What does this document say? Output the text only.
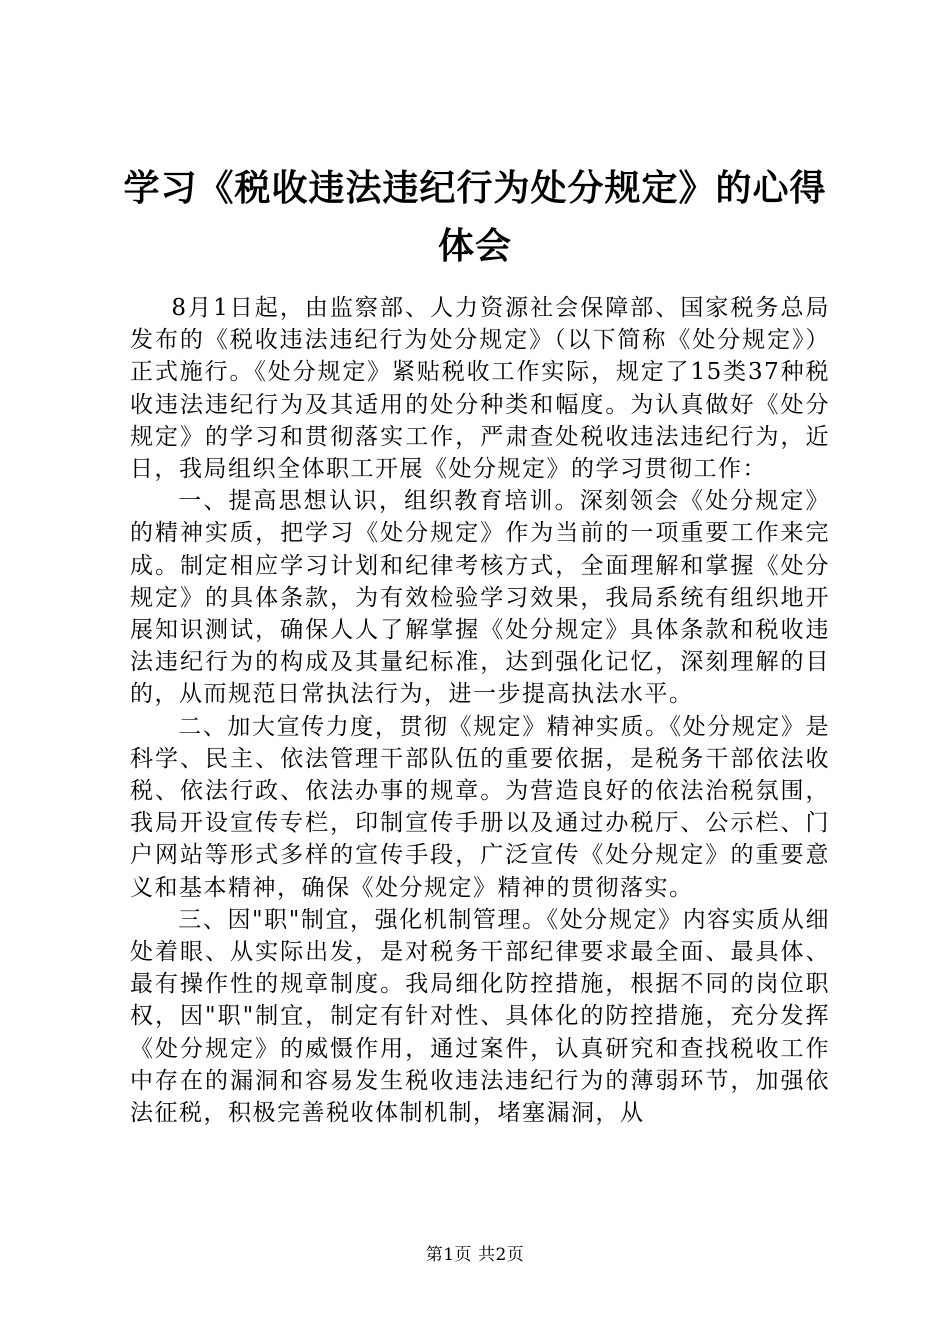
学习《税收违法违纪行为处分规定》的心得体会

8月1日起，由监察部、人力资源社会保障部、国家税务总局发布的《税收违法违纪行为处分规定》（以下简称《处分规定》）正式施行。《处分规定》紧贴税收工作实际，规定了15类37种税收违法违纪行为及其适用的处分种类和幅度。为认真做好《处分规定》的学习和贯彻落实工作，严肃查处税收违法违纪行为，近日，我局组织全体职工开展《处分规定》的学习贯彻工作：

一、提高思想认识，组织教育培训。深刻领会《处分规定》的精神实质，把学习《处分规定》作为当前的一项重要工作来完成。制定相应学习计划和纪律考核方式，全面理解和掌握《处分规定》的具体条款，为有效检验学习效果，我局系统有组织地开展知识测试，确保人人了解掌握《处分规定》具体条款和税收违法违纪行为的构成及其量纪标准，达到强化记忆，深刻理解的目的，从而规范日常执法行为，进一步提高执法水平。

二、加大宣传力度，贯彻《规定》精神实质。《处分规定》是科学、民主、依法管理干部队伍的重要依据，是税务干部依法收税、依法行政、依法办事的规章。为营造良好的依法治税氛围，我局开设宣传专栏，印制宣传手册以及通过办税厅、公示栏、门户网站等形式多样的宣传手段，广泛宣传《处分规定》的重要意义和基本精神，确保《处分规定》精神的贯彻落实。

三、因"职"制宜，强化机制管理。《处分规定》内容实质从细处着眼、从实际出发，是对税务干部纪律要求最全面、最具体、最有操作性的规章制度。我局细化防控措施，根据不同的岗位职权，因"职"制宜，制定有针对性、具体化的防控措施，充分发挥《处分规定》的威慑作用，通过案件，认真研究和查找税收工作中存在的漏洞和容易发生税收违法违纪行为的薄弱环节，加强依法征税，积极完善税收体制机制，堵塞漏洞，从

第1页 共2页
